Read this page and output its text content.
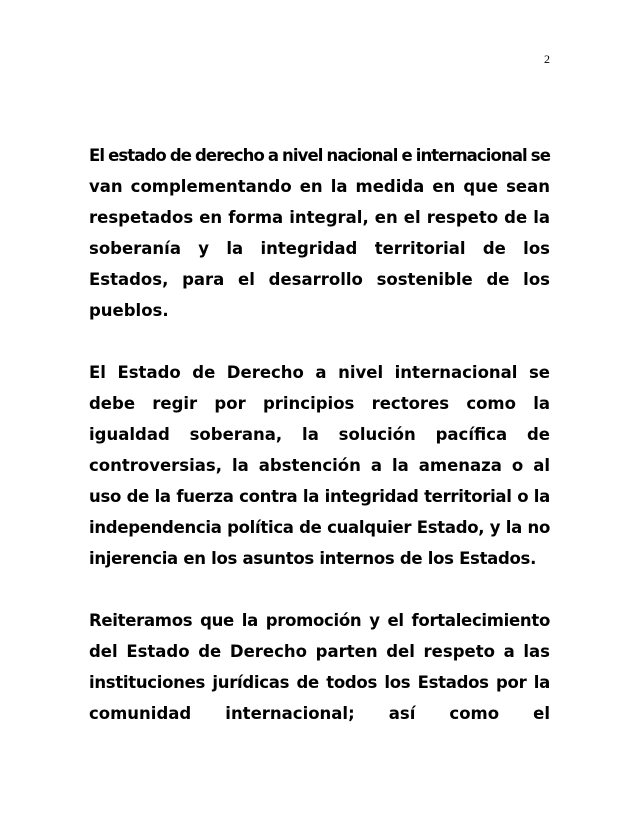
2
El estado de derecho a nivel nacional e internacional se
van complementando en la medida en que sean
respetados en forma integral, en el respeto de la
soberanía y la integridad territorial de los
Estados, para el desarrollo sostenible de los
pueblos.
El Estado de Derecho a nivel internacional se
debe regir por principios rectores como la
igualdad soberana, la solución pacífica de
controversias, la abstención a la amenaza o al
uso de la fuerza contra la integridad territorial o la
independencia política de cualquier Estado, y la no
injerencia en los asuntos internos de los Estados.
Reiteramos que la promoción y el fortalecimiento
del Estado de Derecho parten del respeto a las
instituciones jurídicas de todos los Estados por la
comunidad internacional; así como el
